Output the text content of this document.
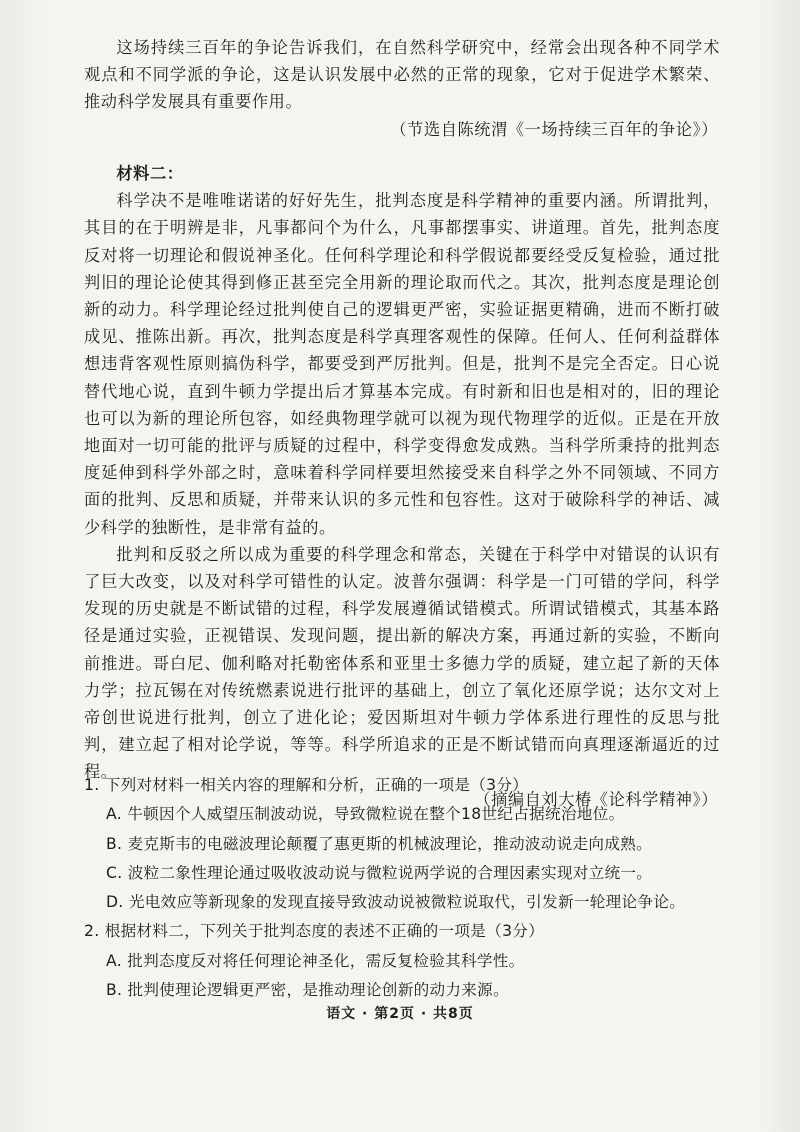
这场持续三百年的争论告诉我们，在自然科学研究中，经常会出现各种不同学术观点和不同学派的争论，这是认识发展中必然的正常的现象，它对于促进学术繁荣、推动科学发展具有重要作用。

（节选自陈统渭《一场持续三百年的争论》）

材料二：

科学决不是唯唯诺诺的好好先生，批判态度是科学精神的重要内涵。所谓批判，其目的在于明辨是非，凡事都问个为什么，凡事都摆事实、讲道理。首先，批判态度反对将一切理论和假说神圣化。任何科学理论和科学假说都要经受反复检验，通过批判旧的理论论使其得到修正甚至完全用新的理论取而代之。其次，批判态度是理论创新的动力。科学理论经过批判使自己的逻辑更严密，实验证据更精确，进而不断打破成见、推陈出新。再次，批判态度是科学真理客观性的保障。任何人、任何利益群体想违背客观性原则搞伪科学，都要受到严厉批判。但是，批判不是完全否定。日心说替代地心说，直到牛顿力学提出后才算基本完成。有时新和旧也是相对的，旧的理论也可以为新的理论所包容，如经典物理学就可以视为现代物理学的近似。正是在开放地面对一切可能的批评与质疑的过程中，科学变得愈发成熟。当科学所秉持的批判态度延伸到科学外部之时，意味着科学同样要坦然接受来自科学之外不同领域、不同方面的批判、反思和质疑，并带来认识的多元性和包容性。这对于破除科学的神话、减少科学的独断性，是非常有益的。

批判和反驳之所以成为重要的科学理念和常态，关键在于科学中对错误的认识有了巨大改变，以及对科学可错性的认定。波普尔强调：科学是一门可错的学问，科学发现的历史就是不断试错的过程，科学发展遵循试错模式。所谓试错模式，其基本路径是通过实验，正视错误、发现问题，提出新的解决方案，再通过新的实验，不断向前推进。哥白尼、伽利略对托勒密体系和亚里士多德力学的质疑，建立起了新的天体力学；拉瓦锡在对传统燃素说进行批评的基础上，创立了氧化还原学说；达尔文对上帝创世说进行批判，创立了进化论；爱因斯坦对牛顿力学体系进行理性的反思与批判，建立起了相对论学说，等等。科学所追求的正是不断试错而向真理逐渐逼近的过程。

（摘编自刘大椿《论科学精神》）

1. 下列对材料一相关内容的理解和分析，正确的一项是（3分）

A. 牛顿因个人威望压制波动说，导致微粒说在整个18世纪占据统治地位。

B. 麦克斯韦的电磁波理论颠覆了惠更斯的机械波理论，推动波动说走向成熟。

C. 波粒二象性理论通过吸收波动说与微粒说两学说的合理因素实现对立统一。

D. 光电效应等新现象的发现直接导致波动说被微粒说取代，引发新一轮理论争论。

2. 根据材料二，下列关于批判态度的表述不正确的一项是（3分）

A. 批判态度反对将任何理论神圣化，需反复检验其科学性。

B. 批判使理论逻辑更严密，是推动理论创新的动力来源。

语文 · 第2页 · 共8页
